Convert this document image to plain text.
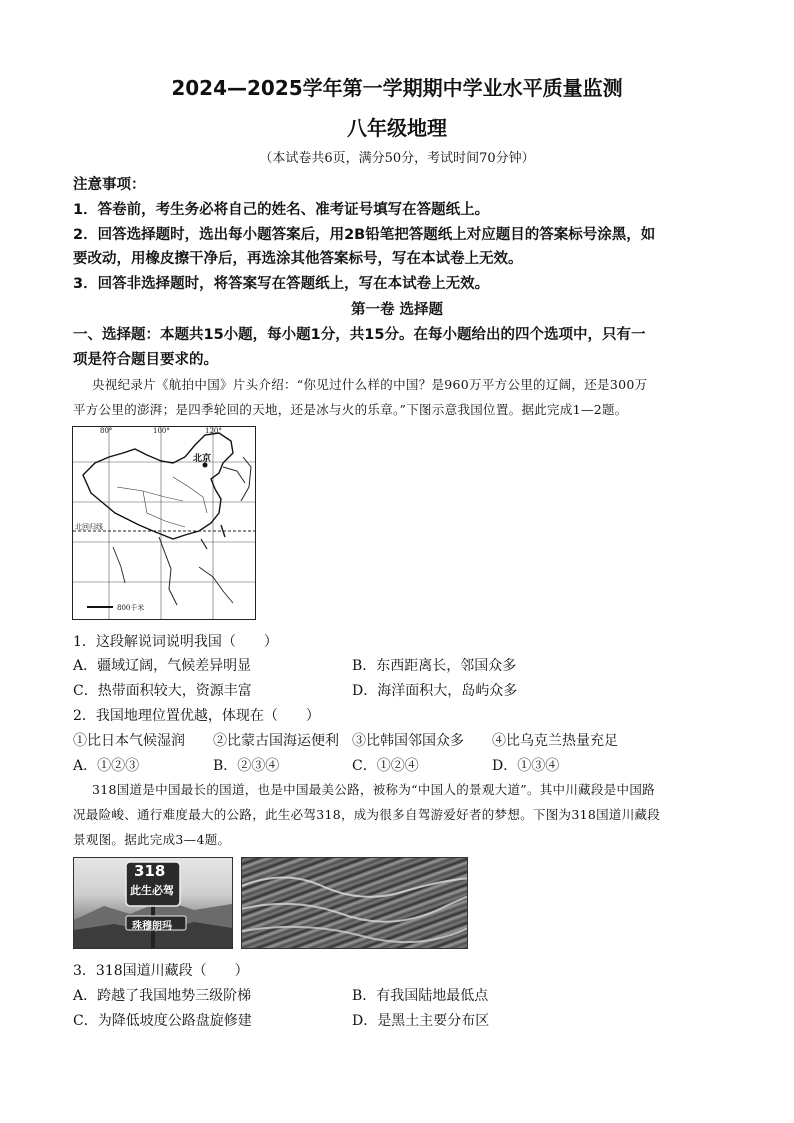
2024—2025学年第一学期期中学业水平质量监测
八年级地理
（本试卷共6页，满分50分，考试时间70分钟）
注意事项：
1．答卷前，考生务必将自己的姓名、准考证号填写在答题纸上。
2．回答选择题时，选出每小题答案后，用2B铅笔把答题纸上对应题目的答案标号涂黑，如
要改动，用橡皮擦干净后，再选涂其他答案标号，写在本试卷上无效。
3．回答非选择题时，将答案写在答题纸上，写在本试卷上无效。
第一卷 选择题
一、选择题：本题共15小题，每小题1分，共15分。在每小题给出的四个选项中，只有一
项是符合题目要求的。
央视纪录片《航拍中国》片头介绍：“你见过什么样的中国？是960万平方公里的辽阔，还是300万
平方公里的澎湃；是四季轮回的天地，还是冰与火的乐章。”下图示意我国位置。据此完成1—2题。
80°	100°	120°
北京
北回归线
800千米
1．这段解说词说明我国（　　）
A．疆域辽阔，气候差异明显	B．东西距离长，邻国众多
C．热带面积较大，资源丰富	D．海洋面积大，岛屿众多
2．我国地理位置优越，体现在（　　）
①比日本气候湿润 ②比蒙古国海运便利 ③比韩国邻国众多 ④比乌克兰热量充足
A．①②③	B．②③④	C．①②④	D．①③④
318国道是中国最长的国道，也是中国最美公路，被称为“中国人的景观大道”。其中川藏段是中国路
况最险峻、通行难度最大的公路，此生必驾318，成为很多自驾游爱好者的梦想。下图为318国道川藏段
景观图。据此完成3—4题。
318
此生必驾
珠穆朗玛
3．318国道川藏段（　　）
A．跨越了我国地势三级阶梯	B．有我国陆地最低点
C．为降低坡度公路盘旋修建	D．是黑土主要分布区
